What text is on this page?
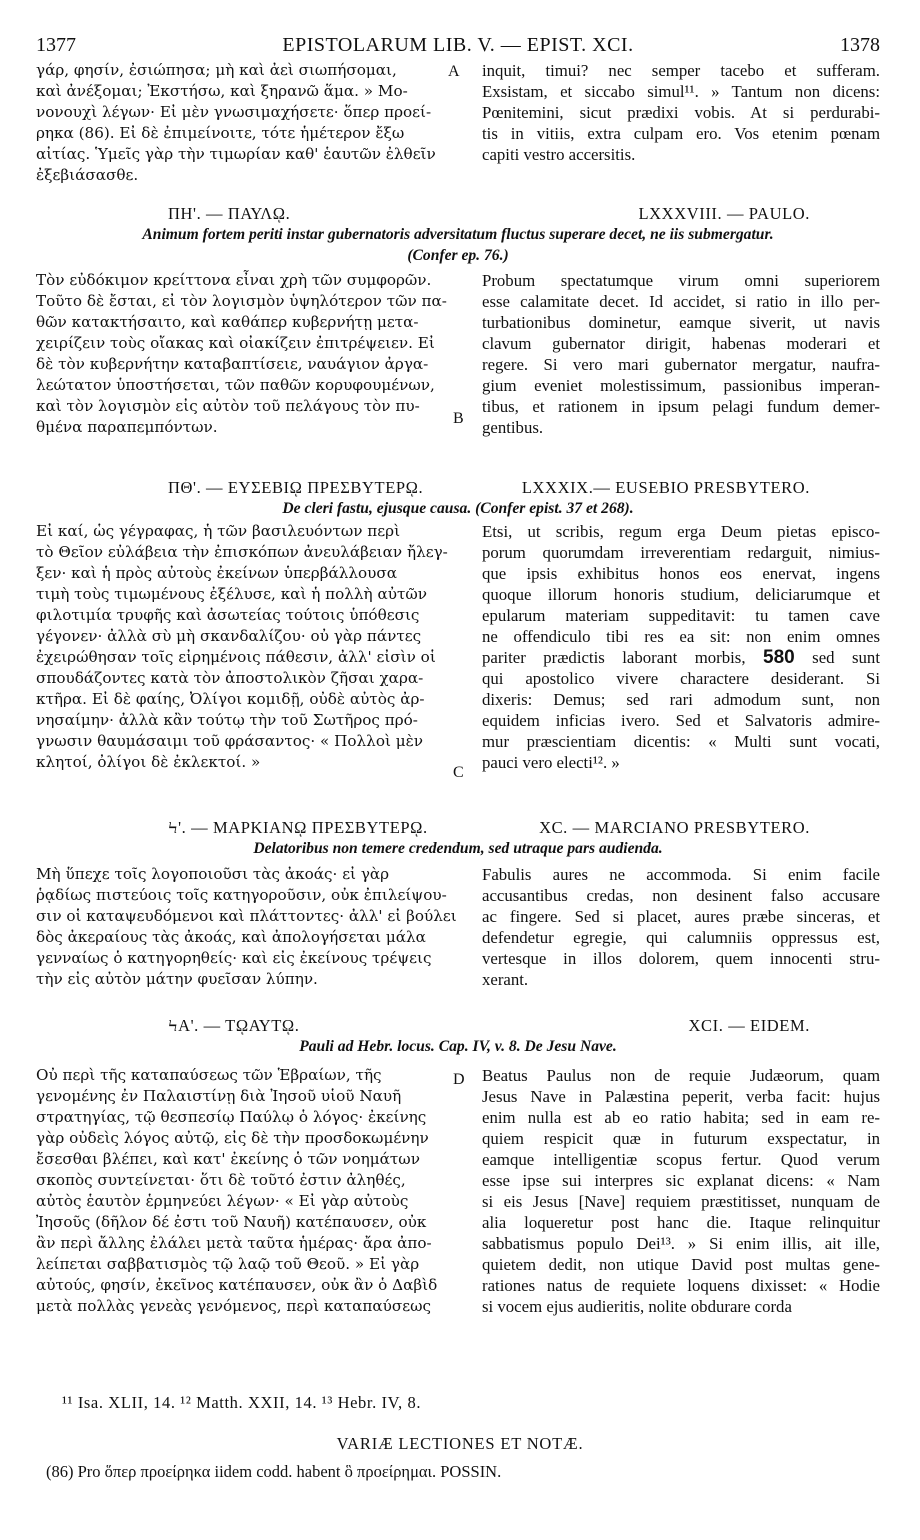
1377	EPISTOLARUM LIB. V. — EPIST. XCI.	1378
γάρ, φησίν, ἐσιώπησα; μὴ καὶ ἀεὶ σιωπήσομαι,
καὶ ἀνέξομαι; Ἐκστήσω, καὶ ξηρανῶ ἅμα. » Μο-
νονουχὶ λέγων· Εἰ μὲν γνωσιμαχήσετε· ὅπερ προεί-
ρηκα (86). Εἰ δὲ ἐπιμείνοιτε, τότε ἡμέτερον ἔξω
αἰτίας. Ὑμεῖς γὰρ τὴν τιμωρίαν καθ' ἑαυτῶν ἐλθεῖν
ἐξεβιάσασθε.
inquit, timui? nec semper tacebo et sufferam.
Exsistam, et siccabo simul¹¹. » Tantum non dicens:
Pœnitemini, sicut prædixi vobis. At si perdurabi-
tis in vitiis, extra culpam ero. Vos etenim pœnam
capiti vestro accersitis.
A
ΠΗ'. — ΠΑΥΛῼ.	LXXXVIII. — PAULO.
Animum fortem periti instar gubernatoris adversitatum fluctus superare decet, ne iis submergatur.
(Confer ep. 76.)
Τὸν εὐδόκιμον κρείττονα εἶναι χρὴ τῶν συμφορῶν.
Τοῦτο δὲ ἔσται, εἰ τὸν λογισμὸν ὑψηλότερον τῶν πα-
θῶν κατακτήσαιτο, καὶ καθάπερ κυβερνήτῃ μετα-
χειρίζειν τοὺς οἴακας καὶ οἰακίζειν ἐπιτρέψειεν. Εἰ
δὲ τὸν κυβερνήτην καταβαπτίσειε, ναυάγιον ἀργα-
λεώτατον ὑποστήσεται, τῶν παθῶν κορυφουμένων,
καὶ τὸν λογισμὸν εἰς αὐτὸν τοῦ πελάγους τὸν πυ-
θμένα παραπεμπόντων.
Probum spectatumque virum omni superiorem
esse calamitate decet. Id accidet, si ratio in illo per-
turbationibus dominetur, eamque siverit, ut navis
clavum gubernator dirigit, habenas moderari et
regere. Si vero mari gubernator mergatur, naufra-
gium eveniet molestissimum, passionibus imperan-
tibus, et rationem in ipsum pelagi fundum demer-
gentibus.
B
ΠΘ'. — ΕΥΣΕΒΙῼ ΠΡΕΣΒΥΤΕΡῼ.	LXXXIX.— EUSEBIO PRESBYTERO.
De cleri fastu, ejusque causa. (Confer epist. 37 et 268).
Εἰ καί, ὡς γέγραφας, ἡ τῶν βασιλευόντων περὶ
τὸ Θεῖον εὐλάβεια τὴν ἐπισκόπων ἀνευλάβειαν ἤλεγ-
ξεν· καὶ ἡ πρὸς αὐτοὺς ἐκείνων ὑπερβάλλουσα
τιμὴ τοὺς τιμωμένους ἐξέλυσε, καὶ ἡ πολλὴ αὐτῶν
φιλοτιμία τρυφῆς καὶ ἀσωτείας τούτοις ὑπόθεσις
γέγονεν· ἀλλὰ σὺ μὴ σκανδαλίζου· οὐ γὰρ πάντες
ἐχειρώθησαν τοῖς εἰρημένοις πάθεσιν, ἀλλ' εἰσὶν οἱ
σπουδάζοντες κατὰ τὸν ἀποστολικὸν ζῆσαι χαρα-
κτῆρα. Εἰ δὲ φαίης, Ὀλίγοι κομιδῇ, οὐδὲ αὐτὸς ἀρ-
νησαίμην· ἀλλὰ κἂν τούτῳ τὴν τοῦ Σωτῆρος πρό-
γνωσιν θαυμάσαιμι τοῦ φράσαντος· « Πολλοὶ μὲν
κλητοί, ὀλίγοι δὲ ἐκλεκτοί. »
Etsi, ut scribis, regum erga Deum pietas episco-
porum quorumdam irreverentiam redarguit, nimius-
que ipsis exhibitus honos eos enervat, ingens
quoque illorum honoris studium, deliciarumque et
epularum materiam suppeditavit: tu tamen cave
ne offendiculo tibi res ea sit: non enim omnes
pariter prædictis laborant morbis, 580 sed sunt
qui apostolico vivere charactere desiderant. Si
dixeris: Demus; sed rari admodum sunt, non
equidem inficias ivero. Sed et Salvatoris admire-
mur præscientiam dicentis: « Multi sunt vocati,
pauci vero electi¹². »
C
Ϟ'. — ΜΑΡΚΙΑΝῼ ΠΡΕΣΒΥΤΕΡῼ.	XC. — MARCIANO PRESBYTERO.
Delatoribus non temere credendum, sed utraque pars audienda.
Μὴ ὕπεχε τοῖς λογοποιοῦσι τὰς ἀκοάς· εἰ γὰρ
ῥᾳδίως πιστεύοις τοῖς κατηγοροῦσιν, οὐκ ἐπιλείψου-
σιν οἱ καταψευδόμενοι καὶ πλάττοντες· ἀλλ' εἰ βούλει
δὸς ἀκεραίους τὰς ἀκοάς, καὶ ἀπολογήσεται μάλα
γενναίως ὁ κατηγορηθείς· καὶ εἰς ἐκείνους τρέψεις
τὴν εἰς αὐτὸν μάτην φυεῖσαν λύπην.
Fabulis aures ne accommoda. Si enim facile
accusantibus credas, non desinent falso accusare
ac fingere. Sed si placet, aures præbe sinceras, et
defendetur egregie, qui calumniis oppressus est,
vertesque in illos dolorem, quem innocenti stru-
xerant.
ϞΑ'. — ΤῼΑΥΤῼ.	XCI. — EIDEM.
Pauli ad Hebr. locus. Cap. IV, v. 8. De Jesu Nave.
Οὐ περὶ τῆς καταπαύσεως τῶν Ἑβραίων, τῆς
γενομένης ἐν Παλαιστίνῃ διὰ Ἰησοῦ υἱοῦ Ναυῆ
στρατηγίας, τῷ θεσπεσίῳ Παύλῳ ὁ λόγος· ἐκείνης
γὰρ οὐδεὶς λόγος αὐτῷ, εἰς δὲ τὴν προσδοκωμένην
ἔσεσθαι βλέπει, καὶ κατ' ἐκείνης ὁ τῶν νοημάτων
σκοπὸς συντείνεται· ὅτι δὲ τοῦτό ἐστιν ἀληθές,
αὐτὸς ἑαυτὸν ἑρμηνεύει λέγων· « Εἰ γὰρ αὐτοὺς
Ἰησοῦς (δῆλον δέ ἐστι τοῦ Ναυῆ) κατέπαυσεν, οὐκ
ἂν περὶ ἄλλης ἐλάλει μετὰ ταῦτα ἡμέρας· ἄρα ἀπο-
λείπεται σαββατισμὸς τῷ λαῷ τοῦ Θεοῦ. » Εἰ γὰρ
αὐτούς, φησίν, ἐκεῖνος κατέπαυσεν, οὐκ ἂν ὁ Δαβὶδ
μετὰ πολλὰς γενεὰς γενόμενος, περὶ καταπαύσεως
Beatus Paulus non de requie Judæorum, quam
Jesus Nave in Palæstina peperit, verba facit: hujus
enim nulla est ab eo ratio habita; sed in eam re-
quiem respicit quæ in futurum exspectatur, in
eamque intelligentiæ scopus fertur. Quod verum
esse ipse sui interpres sic explanat dicens: « Nam
si eis Jesus [Nave] requiem præstitisset, nunquam de
alia loqueretur post hanc die. Itaque relinquitur
sabbatismus populo Dei¹³. » Si enim illis, ait ille,
quietem dedit, non utique David post multas gene-
rationes natus de requiete loquens dixisset: « Hodie
si vocem ejus audieritis, nolite obdurare corda
D
¹¹ Isa. XLII, 14. ¹² Matth. XXII, 14. ¹³ Hebr. IV, 8.
VARIÆ LECTIONES ET NOTÆ.
(86) Pro ὅπερ προείρηκα iidem codd. habent ὃ προείρημαι. POSSIN.
